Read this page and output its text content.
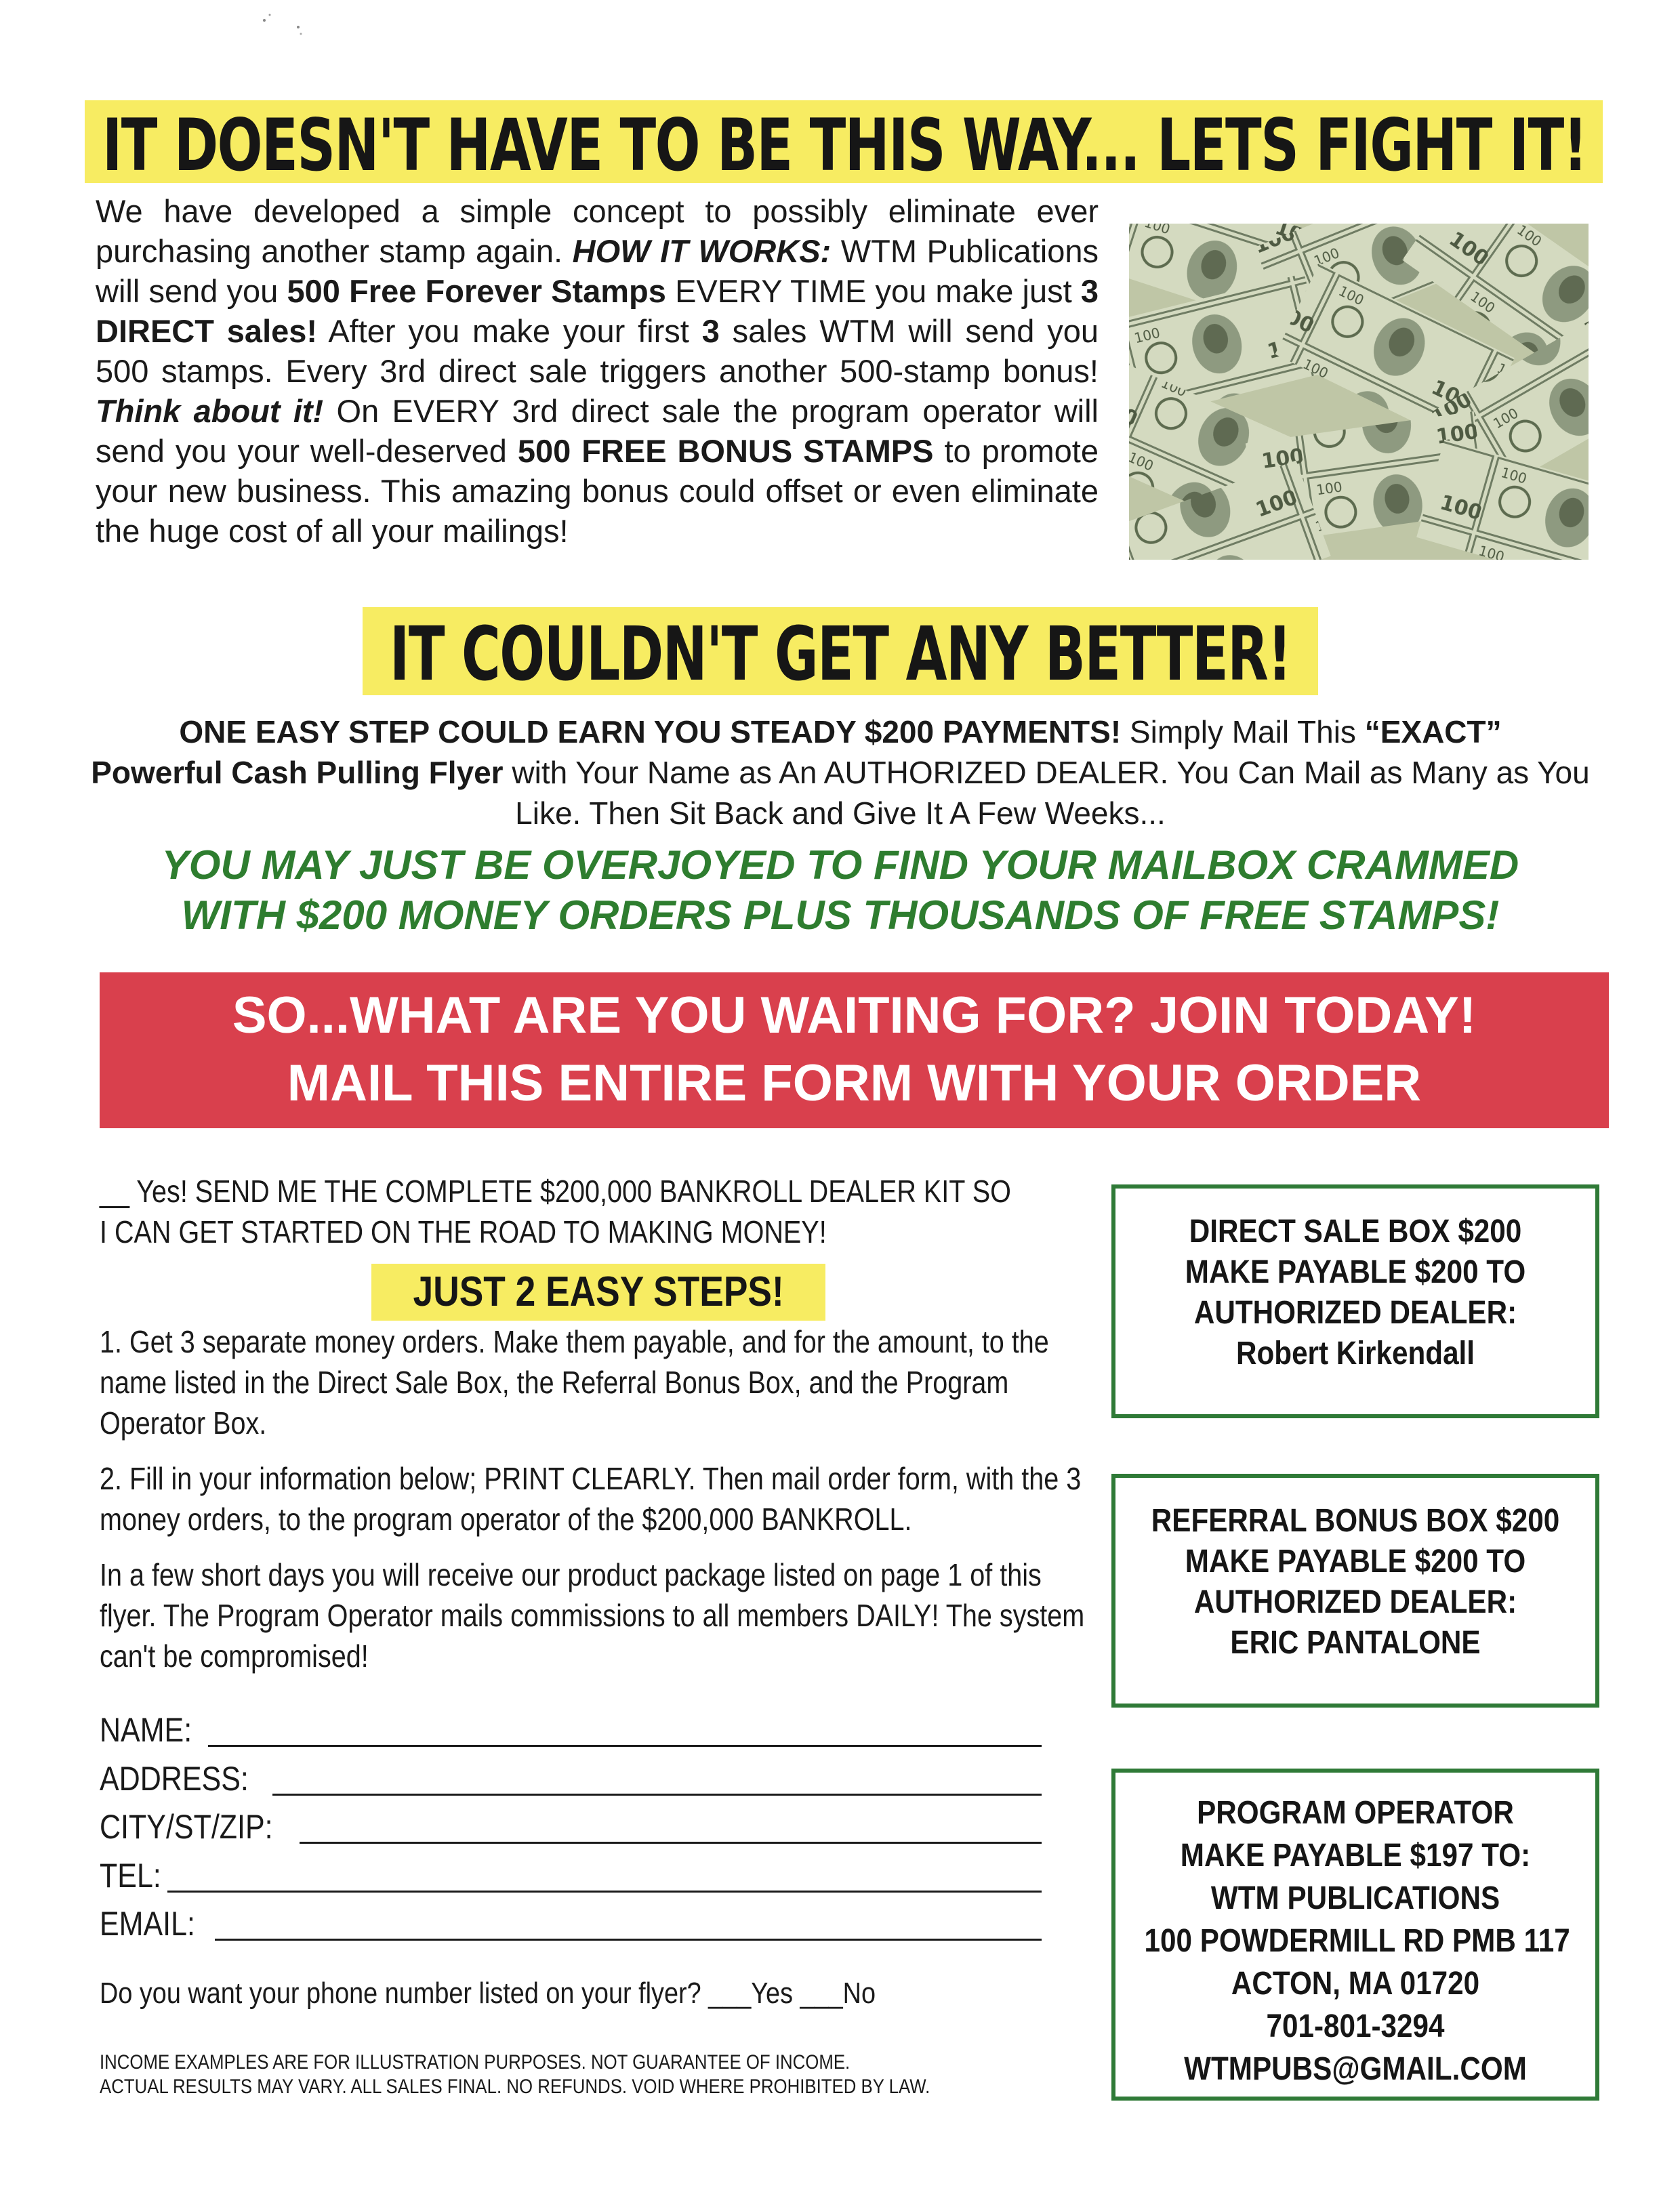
IT DOESN'T HAVE TO BE THIS WAY... LETS FIGHT IT!
We have developed a simple concept to possibly eliminate ever purchasing another stamp again. HOW IT WORKS: WTM Publications will send you 500 Free Forever Stamps EVERY TIME you make just 3 DIRECT sales! After you make your first 3 sales WTM will send you 500 stamps. Every 3rd direct sale triggers another 500-stamp bonus! Think about it! On EVERY 3rd direct sale the program operator will send you your well-deserved 500 FREE BONUS STAMPS to promote your new business. This amazing bonus could offset or even eliminate the huge cost of all your mailings!
IT COULDN'T GET ANY BETTER!
ONE EASY STEP COULD EARN YOU STEADY $200 PAYMENTS! Simply Mail This “EXACT”
Powerful Cash Pulling Flyer with Your Name as An AUTHORIZED DEALER. You Can Mail as Many as You Like. Then Sit Back and Give It A Few Weeks...
YOU MAY JUST BE OVERJOYED TO FIND YOUR MAILBOX CRAMMED
WITH $200 MONEY ORDERS PLUS THOUSANDS OF FREE STAMPS!
SO...WHAT ARE YOU WAITING FOR? JOIN TODAY!
MAIL THIS ENTIRE FORM WITH YOUR ORDER
__ Yes! SEND ME THE COMPLETE $200,000 BANKROLL DEALER KIT SO
I CAN GET STARTED ON THE ROAD TO MAKING MONEY!
JUST 2 EASY STEPS!

1. Get 3 separate money orders. Make them payable, and for the amount, to the name listed in the Direct Sale Box, the Referral Bonus Box, and the Program Operator Box.

2. Fill in your information below; PRINT CLEARLY. Then mail order form, with the 3 money orders, to the program operator of the $200,000 BANKROLL.

In a few short days you will receive our product package listed on page 1 of this flyer. The Program Operator mails commissions to all members DAILY! The system can't be compromised!

NAME:
ADDRESS:
CITY/ST/ZIP:
TEL:
EMAIL:
Do you want your phone number listed on your flyer? ___Yes ___No
INCOME EXAMPLES ARE FOR ILLUSTRATION PURPOSES. NOT GUARANTEE OF INCOME.
ACTUAL RESULTS MAY VARY. ALL SALES FINAL. NO REFUNDS. VOID WHERE PROHIBITED BY LAW.
DIRECT SALE BOX $200
MAKE PAYABLE $200 TO
AUTHORIZED DEALER:
Robert Kirkendall
REFERRAL BONUS BOX $200
MAKE PAYABLE $200 TO
AUTHORIZED DEALER:
ERIC PANTALONE
PROGRAM OPERATOR
MAKE PAYABLE $197 TO:
WTM PUBLICATIONS
100 POWDERMILL RD PMB 117
ACTON, MA 01720
701-801-3294
WTMPUBS@GMAIL.COM
